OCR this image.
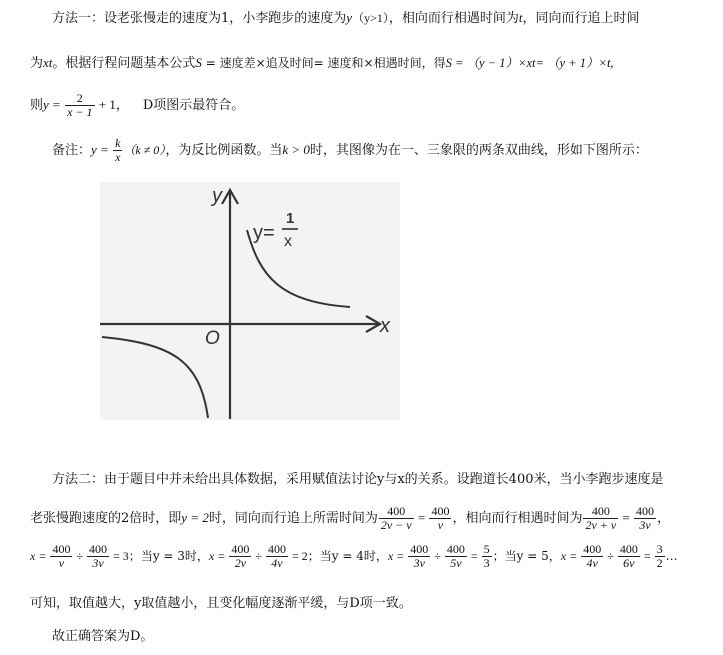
方法一：设老张慢走的速度为1，小李跑步的速度为y（y>1），相向而行相遇时间为t，同向而行追上时间
为xt。根据行程问题基本公式S = 速度差×追及时间= 速度和×相遇时间，得S = （y − 1）×xt= （y + 1）×t,
则$y = \frac{2}{x - 1} + 1$， D项图示最符合。
备注：$y = \frac{k}{x} (k \ne 0)$，为反比例函数。当k > 0时，其图像为在一、三象限的两条双曲线，形如下图所示：
y
x
O
y=
1
x
方法二：由于题目中并未给出具体数据，采用赋值法讨论y与x的关系。设跑道长400米，当小李跑步速度是
老张慢跑速度的2倍时，即y = 2时，同向而行追上所需时间为 $\frac{400}{2v - v} = \frac{400}{v}$ ，相向而行相遇时间为 $\frac{400}{2v + v} = \frac{400}{3v}$ ，
$x = \frac{400}{v} \div \frac{400}{3v} = 3$；当y = 3时，$x = \frac{400}{2v} \div \frac{400}{4v} = 2$；当y = 4时，$x = \frac{400}{3v} \div \frac{400}{5v} = \frac{5}{3}$ ；当y = 5，$x = \frac{400}{4v} \div \frac{400}{6v} = \frac{3}{2}$ …
可知，取值越大，y取值越小，且变化幅度逐渐平缓，与D项一致。
故正确答案为D。
